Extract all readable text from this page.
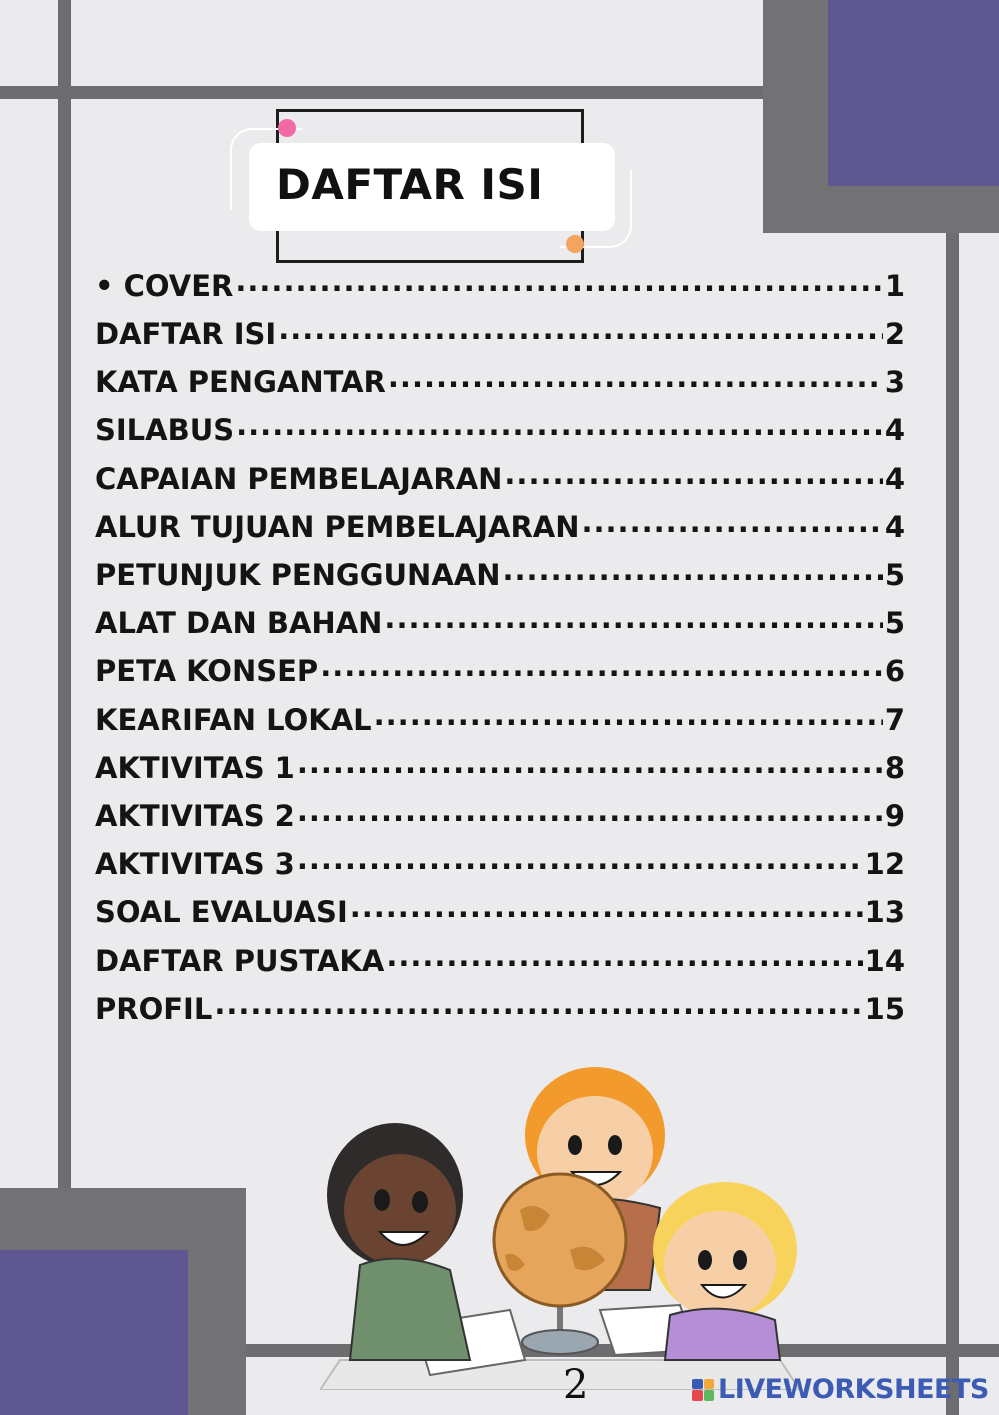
DAFTAR ISI
• COVER .....	1
DAFTAR ISI .....	2
KATA PENGANTAR .....	3
SILABUS .....	4
CAPAIAN PEMBELAJARAN .....	4
ALUR TUJUAN PEMBELAJARAN .....	4
PETUNJUK PENGGUNAAN .....	5
ALAT DAN BAHAN .....	5
PETA KONSEP .....	6
KEARIFAN LOKAL .....	7
AKTIVITAS 1 .....	8
AKTIVITAS 2 .....	9
AKTIVITAS 3 .....	12
SOAL EVALUASI .....	13
DAFTAR PUSTAKA .....	14
PROFIL .....	15
2	LIVEWORKSHEETS
